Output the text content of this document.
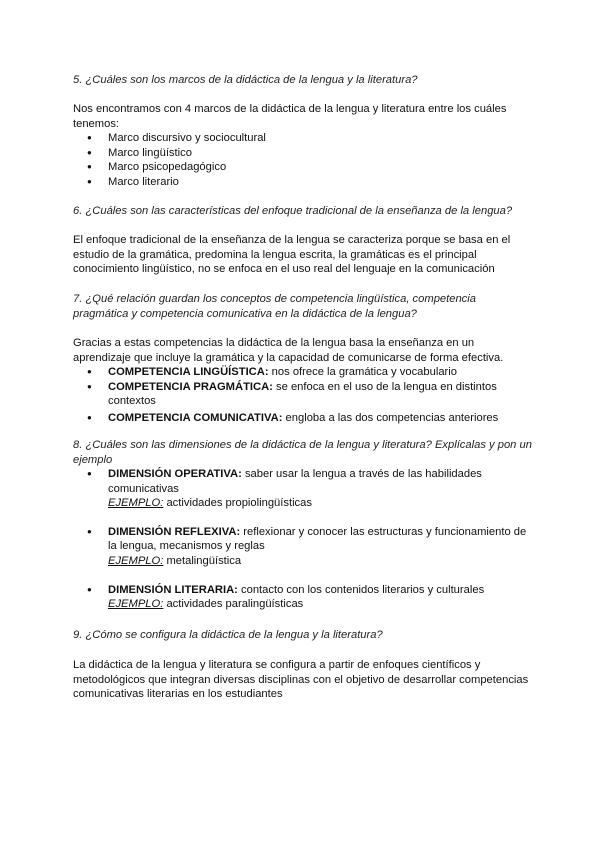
5. ¿Cuáles son los marcos de la didáctica de la lengua y la literatura?
Nos encontramos con 4 marcos de la didáctica de la lengua y literatura entre los cuáles tenemos:
● Marco discursivo y sociocultural
● Marco lingüístico
● Marco psicopedagógico
● Marco literario
6. ¿Cuáles son las características del enfoque tradicional de la enseñanza de la lengua?
El enfoque tradicional de la enseñanza de la lengua se caracteriza porque se basa en el estudio de la gramática, predomina la lengua escrita, la gramáticas es el principal conocimiento lingüístico, no se enfoca en el uso real del lenguaje en la comunicación
7. ¿Qué relación guardan los conceptos de competencia lingüística, competencia pragmática y competencia comunicativa en la didáctica de la lengua?
Gracias a estas competencias la didáctica de la lengua basa la enseñanza en un aprendizaje que incluye la gramática y la capacidad de comunicarse de forma efectiva.
● COMPETENCIA LINGÜÍSTICA: nos ofrece la gramática y vocabulario
● COMPETENCIA PRAGMÁTICA: se enfoca en el uso de la lengua en distintos contextos
● COMPETENCIA COMUNICATIVA: engloba a las dos competencias anteriores
8. ¿Cuáles son las dimensiones de la didáctica de la lengua y literatura? Explícalas y pon un ejemplo
● DIMENSIÓN OPERATIVA: saber usar la lengua a través de las habilidades comunicativas
EJEMPLO: actividades propiolingüísticas
● DIMENSIÓN REFLEXIVA: reflexionar y conocer las estructuras y funcionamiento de la lengua, mecanismos y reglas
EJEMPLO: metalingüística
● DIMENSIÓN LITERARIA: contacto con los contenidos literarios y culturales
EJEMPLO: actividades paralingüísticas
9. ¿Cómo se configura la didáctica de la lengua y la literatura?
La didáctica de la lengua y literatura se configura a partir de enfoques científicos y metodológicos que integran diversas disciplinas con el objetivo de desarrollar competencias comunicativas literarias en los estudiantes
